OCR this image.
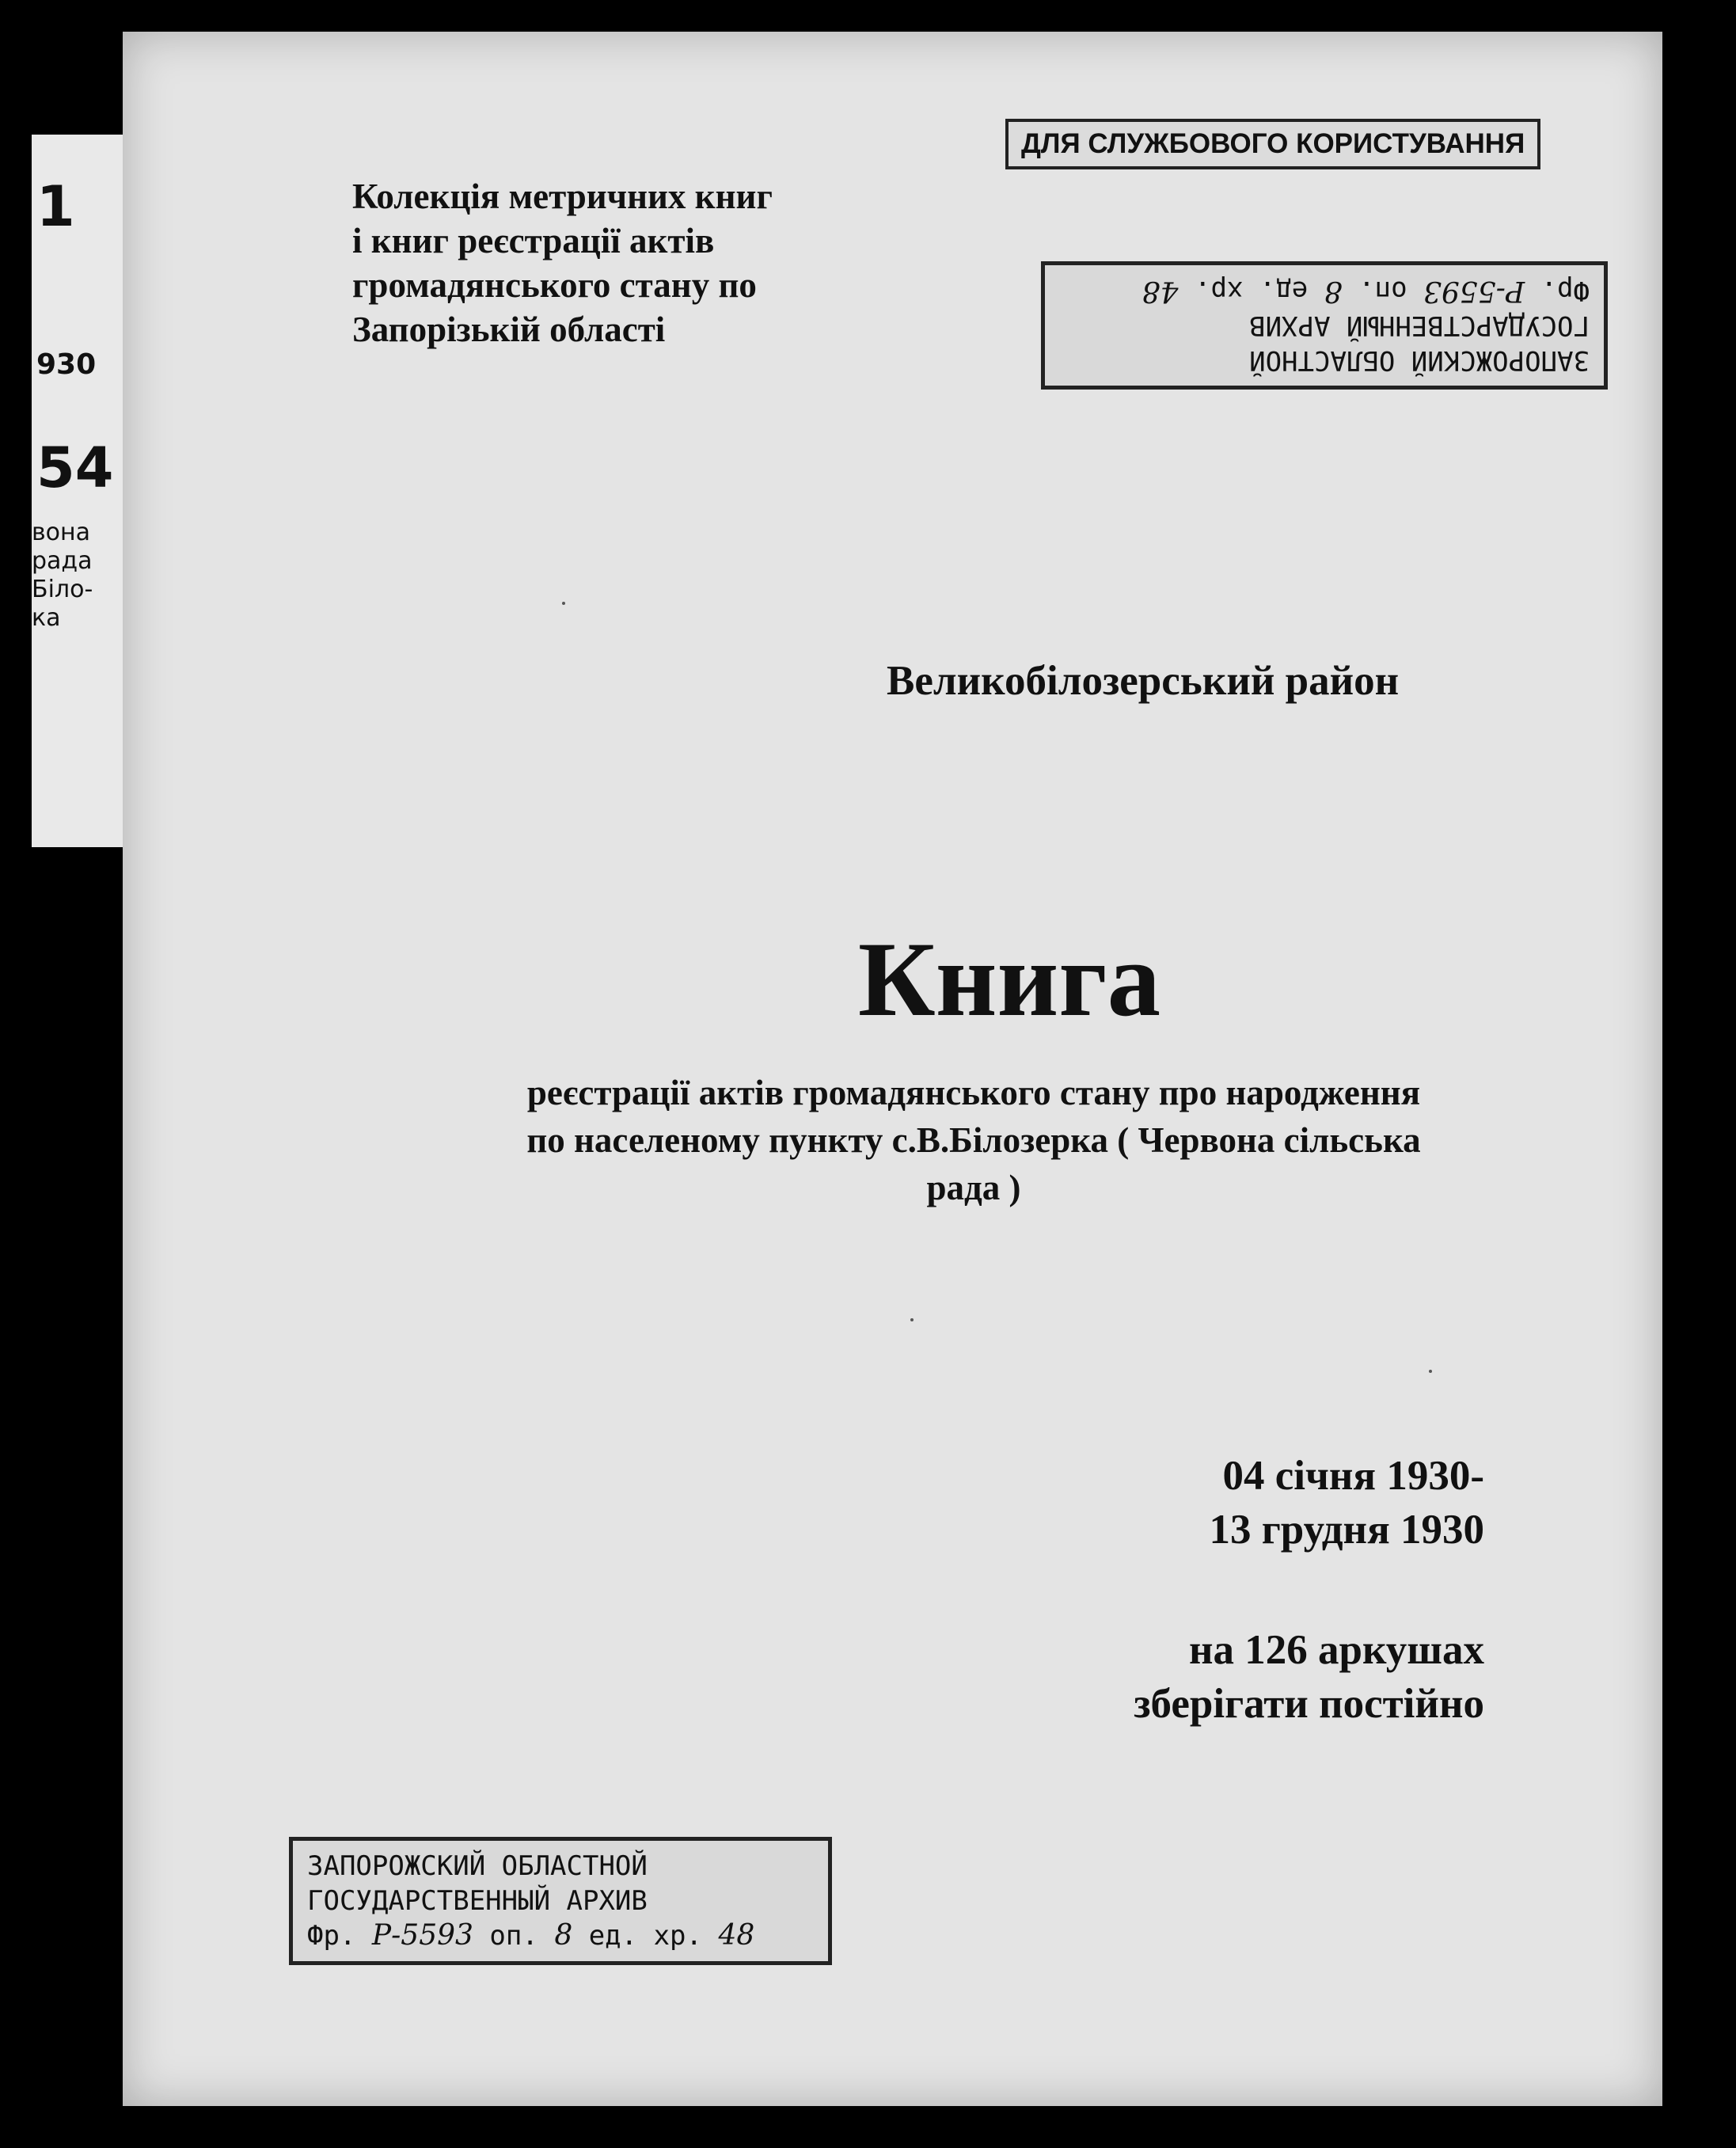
1
930
54
вона
рада
Біло-
ка
Колекція метричних книг
і книг реєстрації актів
громадянського стану по
Запорізькій області
ДЛЯ СЛУЖБОВОГО КОРИСТУВАННЯ
ЗАПОРОЖСКИЙ ОБЛАСТНОЙ
ГОСУДАРСТВЕННЫЙ АРХИВ
Фр. Р-5593 оп. 8 ед. хр. 48
Великобілозерський район
Книга
реєстрації актів громадянського стану про народження
по населеному пункту с.В.Білозерка ( Червона сільська
рада )
04 січня 1930-
13 грудня 1930
на 126 аркушах
зберігати постійно
ЗАПОРОЖСКИЙ ОБЛАСТНОЙ
ГОСУДАРСТВЕННЫЙ АРХИВ
Фр. Р-5593 оп. 8 ед. хр. 48
